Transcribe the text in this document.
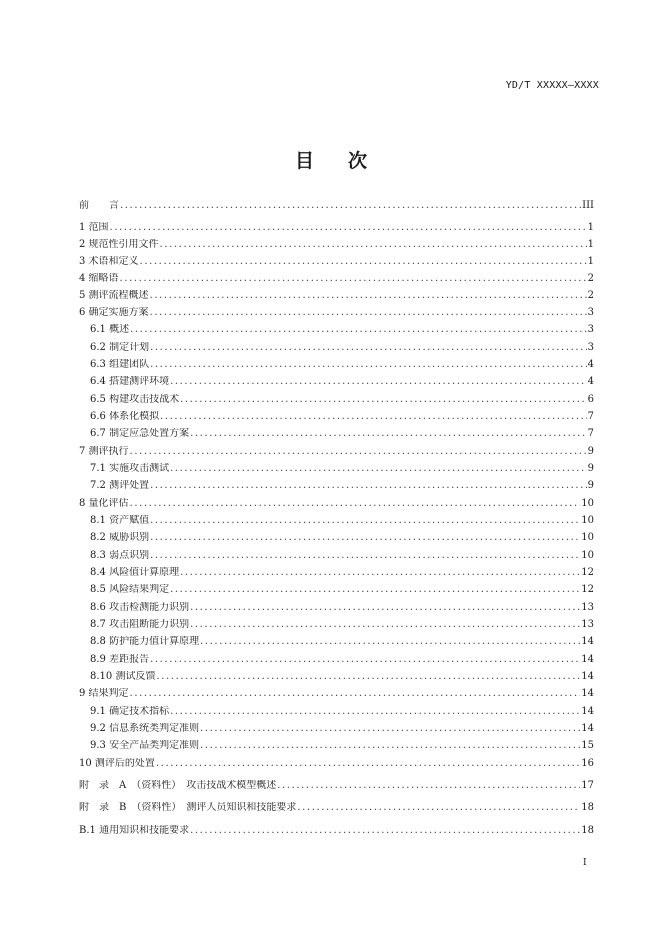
YD/T XXXXX—XXXX
目 次
前　　言 .....	III
1 范围 .....	1
2 规范性引用文件 .....	1
3 术语和定义 .....	1
4 缩略语 .....	2
5 测评流程概述 .....	2
6 确定实施方案 .....	3
6.1 概述 .....	3
6.2 制定计划 .....	3
6.3 组建团队 .....	4
6.4 搭建测评环境 .....	4
6.5 构建攻击技战术 .....	6
6.6 体系化模拟 .....	7
6.7 制定应急处置方案 .....	7
7 测评执行 .....	9
7.1 实施攻击测试 .....	9
7.2 测评处置 .....	9
8 量化评估 .....	10
8.1 资产赋值 .....	10
8.2 威胁识别 .....	10
8.3 弱点识别 .....	10
8.4 风险值计算原理 .....	12
8.5 风险结果判定 .....	12
8.6 攻击检测能力识别 .....	13
8.7 攻击阻断能力识别 .....	13
8.8 防护能力值计算原理 .....	14
8.9 差距报告 .....	14
8.10 测试反馈 .....	14
9 结果判定 .....	14
9.1 确定技术指标 .....	14
9.2 信息系统类判定准则 .....	14
9.3 安全产品类判定准则 .....	15
10 测评后的处置 .....	16
附　录　A　（资料性）　攻击技战术模型概述 .....	17
附　录　B　（资料性）　测评人员知识和技能要求 .....	18
B.1 通用知识和技能要求 .....	18
I
